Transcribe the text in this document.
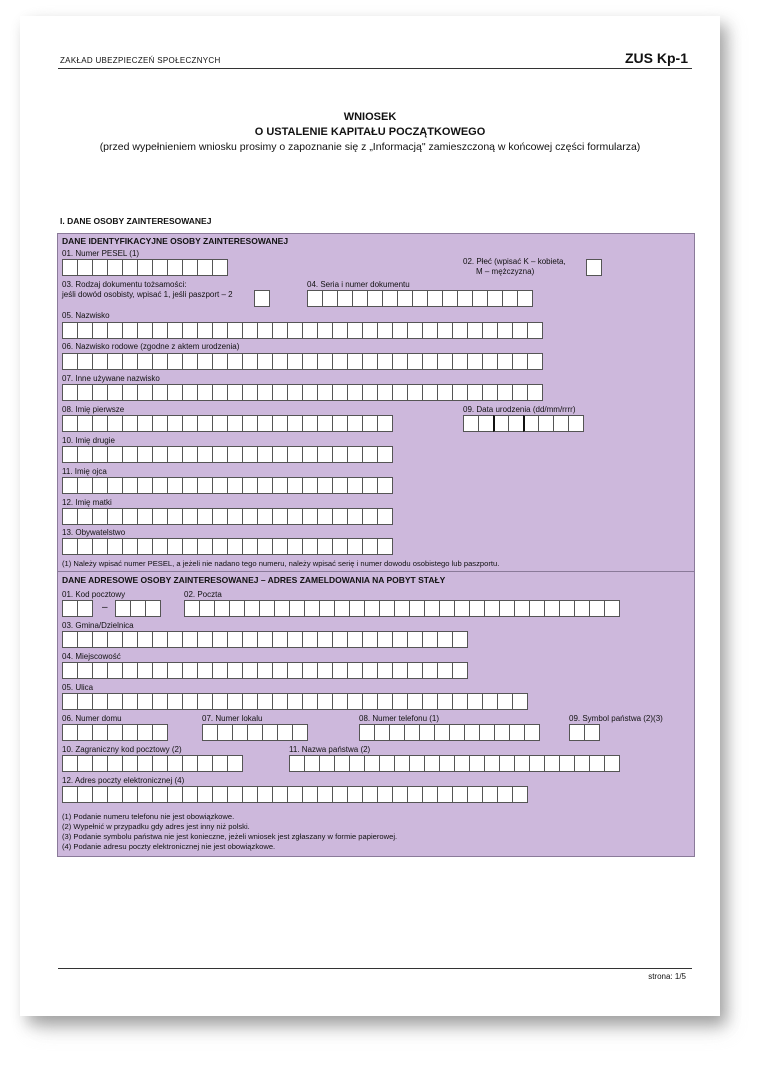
ZAKŁAD UBEZPIECZEŃ SPOŁECZNYCH	ZUS Kp-1
WNIOSEK
O USTALENIE KAPITAŁU POCZĄTKOWEGO
(przed wypełnieniem wniosku prosimy o zapoznanie się z „Informacją" zamieszczoną w końcowej części formularza)
I. DANE OSOBY ZAINTERESOWANEJ
DANE IDENTYFIKACYJNE OSOBY ZAINTERESOWANEJ
01. Numer PESEL (1)
02. Płeć (wpisać K – kobieta,
M – mężczyzna)
03. Rodzaj dokumentu tożsamości:
jeśli dowód osobisty, wpisać 1, jeśli paszport – 2
04. Seria i numer dokumentu
05. Nazwisko
06. Nazwisko rodowe (zgodne z aktem urodzenia)
07. Inne używane nazwisko
08. Imię pierwsze	09. Data urodzenia (dd/mm/rrrr)
10. Imię drugie
11. Imię ojca
12. Imię matki
13. Obywatelstwo
(1) Należy wpisać numer PESEL, a jeżeli nie nadano tego numeru, należy wpisać serię i numer dowodu osobistego lub paszportu.
DANE ADRESOWE OSOBY ZAINTERESOWANEJ – ADRES ZAMELDOWANIA NA POBYT STAŁY
01. Kod pocztowy
–
02. Poczta
03. Gmina/Dzielnica
04. Miejscowość
05. Ulica
06. Numer domu	07. Numer lokalu	08. Numer telefonu (1)	09. Symbol państwa (2)(3)
10. Zagraniczny kod pocztowy (2)	11. Nazwa państwa (2)
12. Adres poczty elektronicznej (4)
(1) Podanie numeru telefonu nie jest obowiązkowe.
(2) Wypełnić w przypadku gdy adres jest inny niż polski.
(3) Podanie symbolu państwa nie jest konieczne, jeżeli wniosek jest zgłaszany w formie papierowej.
(4) Podanie adresu poczty elektronicznej nie jest obowiązkowe.
strona: 1/5
